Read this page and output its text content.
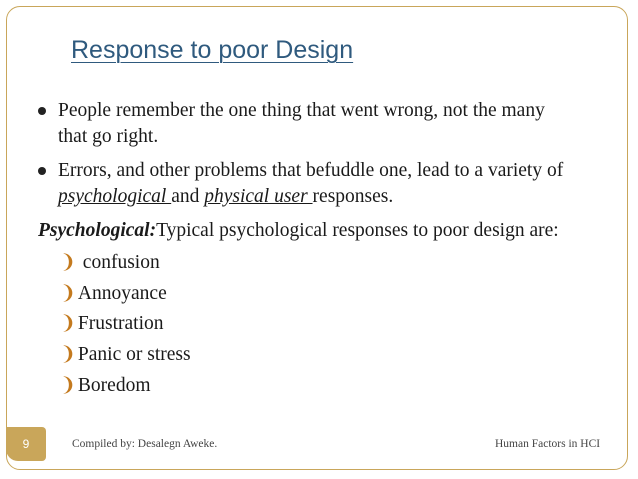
Response to poor Design
People remember the one thing that went wrong, not the many
that go right.
Errors, and other problems that befuddle one, lead to a variety of
psychological and physical user responses.
Psychological:Typical psychological responses to poor design are:
❩ confusion
❩ Annoyance
❩ Frustration
❩ Panic or stress
❩ Boredom
9	Compiled by: Desalegn Aweke.	Human Factors in HCI
